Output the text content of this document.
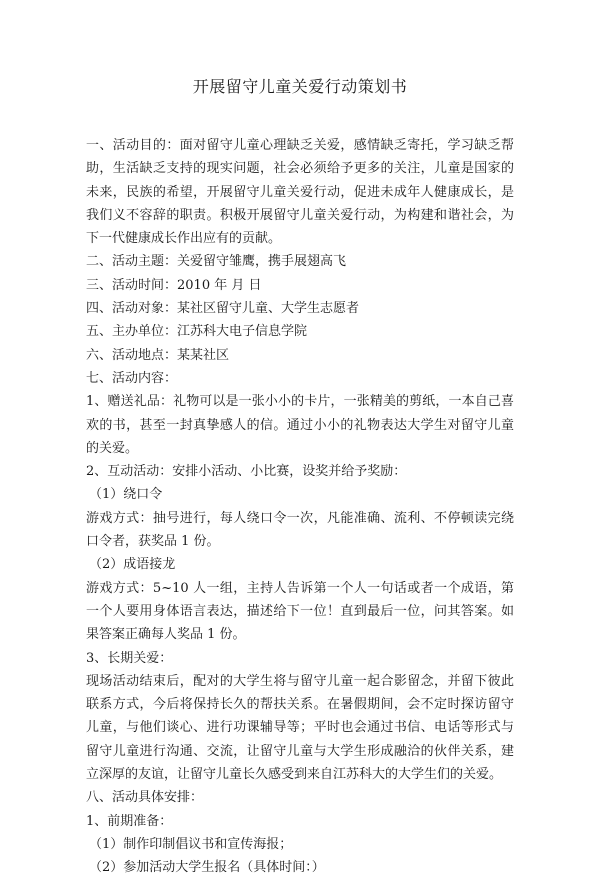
开展留守儿童关爱行动策划书

一、活动目的：面对留守儿童心理缺乏关爱，感情缺乏寄托，学习缺乏帮助，生活缺乏支持的现实问题，社会必须给予更多的关注，儿童是国家的未来，民族的希望，开展留守儿童关爱行动，促进未成年人健康成长，是我们义不容辞的职责。积极开展留守儿童关爱行动，为构建和谐社会，为下一代健康成长作出应有的贡献。

二、活动主题：关爱留守雏鹰，携手展翅高飞

三、活动时间：2010 年 月 日

四、活动对象：某社区留守儿童、大学生志愿者

五、主办单位：江苏科大电子信息学院

六、活动地点：某某社区

七、活动内容：

1、赠送礼品：礼物可以是一张小小的卡片，一张精美的剪纸，一本自己喜欢的书，甚至一封真挚感人的信。通过小小的礼物表达大学生对留守儿童的关爱。

2、互动活动：安排小活动、小比赛，设奖并给予奖励：

（1）绕口令

游戏方式：抽号进行，每人绕口令一次，凡能准确、流利、不停顿读完绕口令者，获奖品 1 份。

（2）成语接龙

游戏方式：5~10 人一组，主持人告诉第一个人一句话或者一个成语，第一个人要用身体语言表达，描述给下一位！直到最后一位，问其答案。如果答案正确每人奖品 1 份。

3、长期关爱：

现场活动结束后，配对的大学生将与留守儿童一起合影留念，并留下彼此联系方式，今后将保持长久的帮扶关系。在暑假期间，会不定时探访留守儿童，与他们谈心、进行功课辅导等；平时也会通过书信、电话等形式与留守儿童进行沟通、交流，让留守儿童与大学生形成融洽的伙伴关系，建立深厚的友谊，让留守儿童长久感受到来自江苏科大的大学生们的关爱。

八、活动具体安排：

1、前期准备：

（1）制作印制倡议书和宣传海报；

（2）参加活动大学生报名（具体时间：）
